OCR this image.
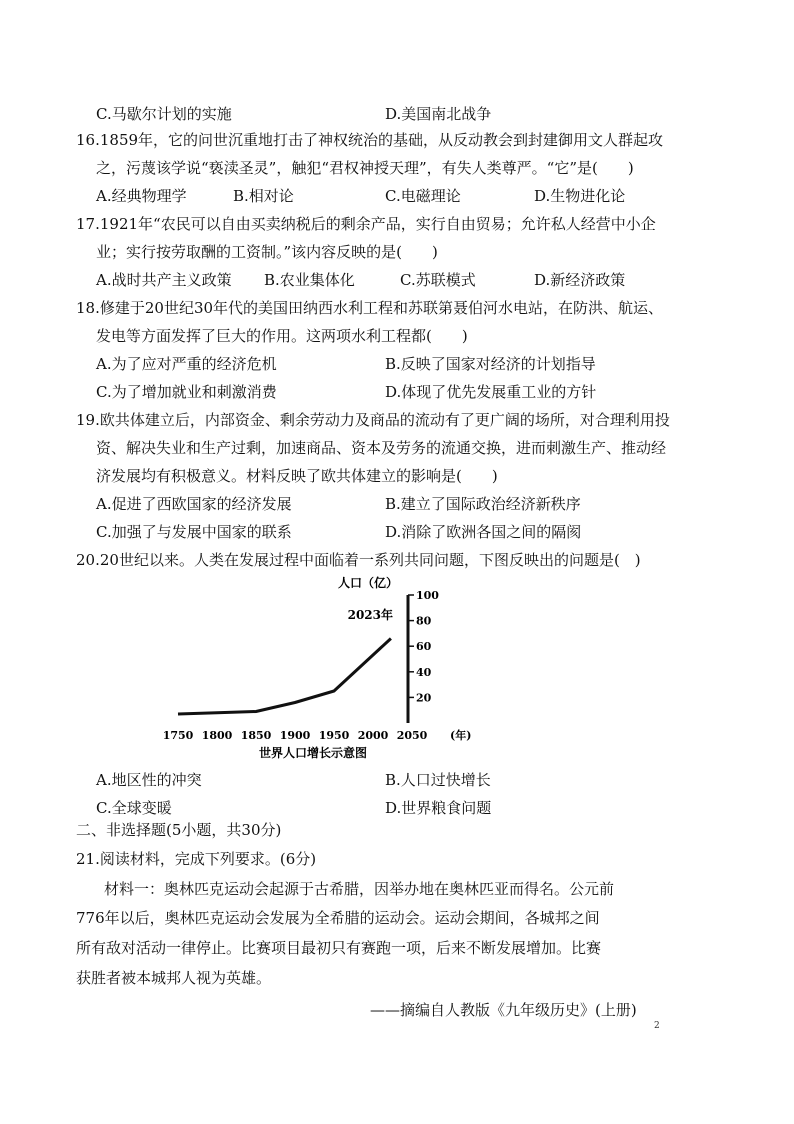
C.马歇尔计划的实施	D.美国南北战争
16.1859年，它的问世沉重地打击了神权统治的基础，从反动教会到封建御用文人群起攻
之，污蔑该学说“亵渎圣灵”，触犯“君权神授天理”，有失人类尊严。“它”是(　　)
A.经典物理学	B.相对论	C.电磁理论	D.生物进化论
17.1921年“农民可以自由买卖纳税后的剩余产品，实行自由贸易；允许私人经营中小企
业；实行按劳取酬的工资制。”该内容反映的是(　　)
A.战时共产主义政策 B.农业集体化	C.苏联模式	D.新经济政策
18.修建于20世纪30年代的美国田纳西水利工程和苏联第聂伯河水电站，在防洪、航运、
发电等方面发挥了巨大的作用。这两项水利工程都(　　)
A.为了应对严重的经济危机	B.反映了国家对经济的计划指导
C.为了增加就业和刺激消费	D.体现了优先发展重工业的方针
19.欧共体建立后，内部资金、剩余劳动力及商品的流动有了更广阔的场所，对合理利用投
资、解决失业和生产过剩，加速商品、资本及劳务的流通交换，进而刺激生产、推动经
济发展均有积极意义。材料反映了欧共体建立的影响是(　　)
A.促进了西欧国家的经济发展	B.建立了国际政治经济新秩序
C.加强了与发展中国家的联系	D.消除了欧洲各国之间的隔阂
20.20世纪以来。人类在发展过程中面临着一系列共同问题，下图反映出的问题是(　)
人口（亿）
20
40
60
80
100
2023年
1750 1800 1850 1900 1950 2000 2050 (年)
世界人口增长示意图
A.地区性的冲突	B.人口过快增长
C.全球变暖	D.世界粮食问题
二、非选择题(5小题，共30分)
21.阅读材料，完成下列要求。(6分)
材料一：奥林匹克运动会起源于古希腊，因举办地在奥林匹亚而得名。公元前
776年以后，奥林匹克运动会发展为全希腊的运动会。运动会期间，各城邦之间
所有敌对活动一律停止。比赛项目最初只有赛跑一项，后来不断发展增加。比赛
获胜者被本城邦人视为英雄。
——摘编自人教版《九年级历史》(上册)
2
